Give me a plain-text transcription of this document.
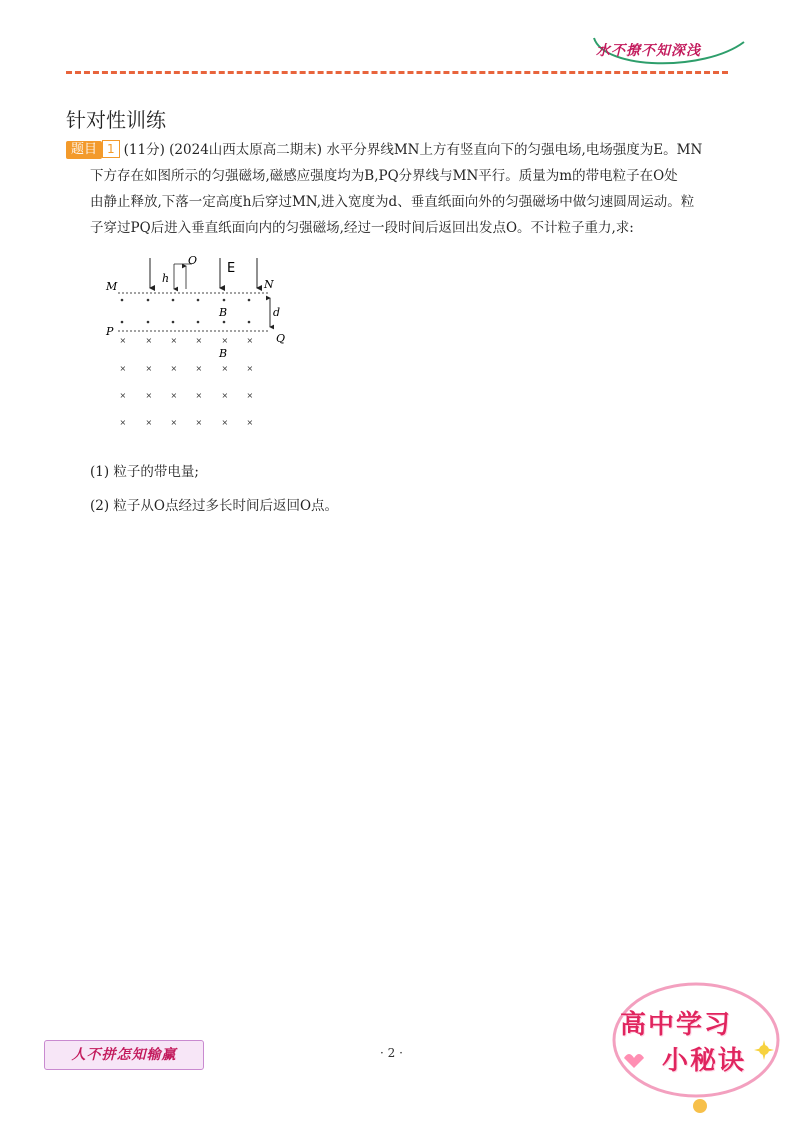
水不撩不知深浅
针对性训练
题目 1 (11分) (2024山西太原高二期末) 水平分界线MN上方有竖直向下的匀强电场,电场强度为E。MN
下方存在如图所示的匀强磁场,磁感应强度均为B,PQ分界线与MN平行。质量为m的带电粒子在O处
由静止释放,下落一定高度h后穿过MN,进入宽度为d、垂直纸面向外的匀强磁场中做匀速圆周运动。粒
子穿过PQ后进入垂直纸面向内的匀强磁场,经过一段时间后返回出发点O。不计粒子重力,求:
M	N
P
Q
O
E
h
d
B
B
× × × × × ×
× × × × × ×
× × × × × ×
× × × × × ×
(1) 粒子的带电量;
(2) 粒子从O点经过多长时间后返回O点。
人不拼怎知输赢	· 2 ·
高中学习
小秘诀
